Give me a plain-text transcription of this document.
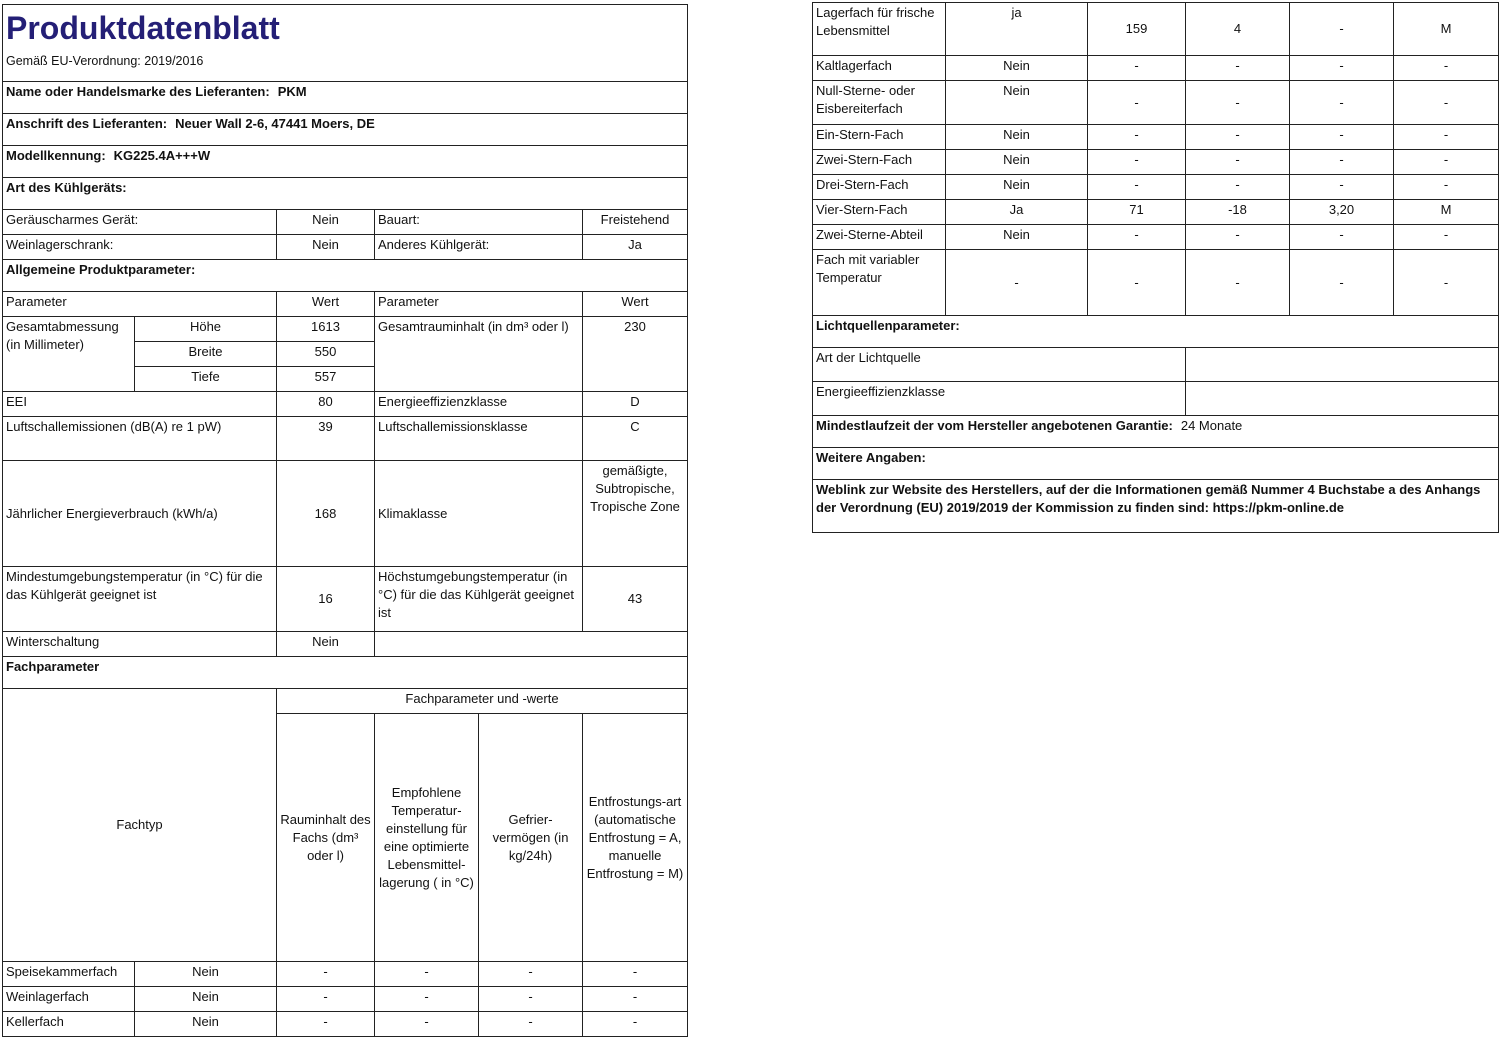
Produktdatenblatt
Gemäß EU-Verordnung: 2019/2016					

Name oder Handelsmarke des Lieferanten: PKM					
Anschrift des Lieferanten: Neuer Wall 2-6, 47441 Moers, DE					
Modellkennung: KG225.4A+++W					
Art des Kühlgeräts:					
Geräuscharmes Gerät:		Nein	Bauart:		Freistehend
Weinlagerschrank:		Nein	Anderes Kühlgerät:		Ja
Allgemeine Produktparameter:					
Parameter		Wert	Parameter		Wert
Gesamtabmessung (in Millimeter)	Höhe	1613	Gesamtrauminhalt (in dm³ oder l)		230
	Breite	550			
	Tiefe	557			
EEI		80	Energieeffizienzklasse		D
Luftschallemissionen (dB(A) re 1 pW)		39	Luftschallemissionsklasse		C
Jährlicher Energieverbrauch (kWh/a)		168	Klimaklasse		gemäßigte, Subtropische, Tropische Zone
Mindestumgebungstemperatur (in °C) für die das Kühlgerät geeignet ist		16	Höchstumgebungstemperatur (in °C) für die das Kühlgerät geeignet ist		43
Winterschaltung		Nein			
Fachparameter					
Fachtyp		Fachparameter und -werte			
		Rauminhalt des Fachs (dm³ oder l)	Empfohlene Temperatur-einstellung für eine optimierte Lebensmittel-lagerung ( in °C)	Gefrier-vermögen (in kg/24h)	Entfrostungs-art (automatische Entfrostung = A, manuelle Entfrostung = M)
Speisekammerfach	Nein	-	-	-	-
Weinlagerfach	Nein	-	-	-	-
Kellerfach	Nein	-	-	-	-
Lagerfach für frische Lebensmittel	ja	159	4	-	M
Kaltlagerfach	Nein	-	-	-	-
Null-Sterne- oder Eisbereiterfach	Nein	-	-	-	-
Ein-Stern-Fach	Nein	-	-	-	-
Zwei-Stern-Fach	Nein	-	-	-	-
Drei-Stern-Fach	Nein	-	-	-	-
Vier-Stern-Fach	Ja	71	-18	3,20	M
Zwei-Sterne-Abteil	Nein	-	-	-	-
Fach mit variabler Temperatur	-	-	-	-	-
Lichtquellenparameter:					
Art der Lichtquelle					
Energieeffizienzklasse					
Mindestlaufzeit der vom Hersteller angebotenen Garantie: 24 Monate					
Weitere Angaben:					
Weblink zur Website des Herstellers, auf der die Informationen gemäß Nummer 4 Buchstabe a des Anhangs der Verordnung (EU) 2019/2019 der Kommission zu finden sind: https://pkm-online.de					
